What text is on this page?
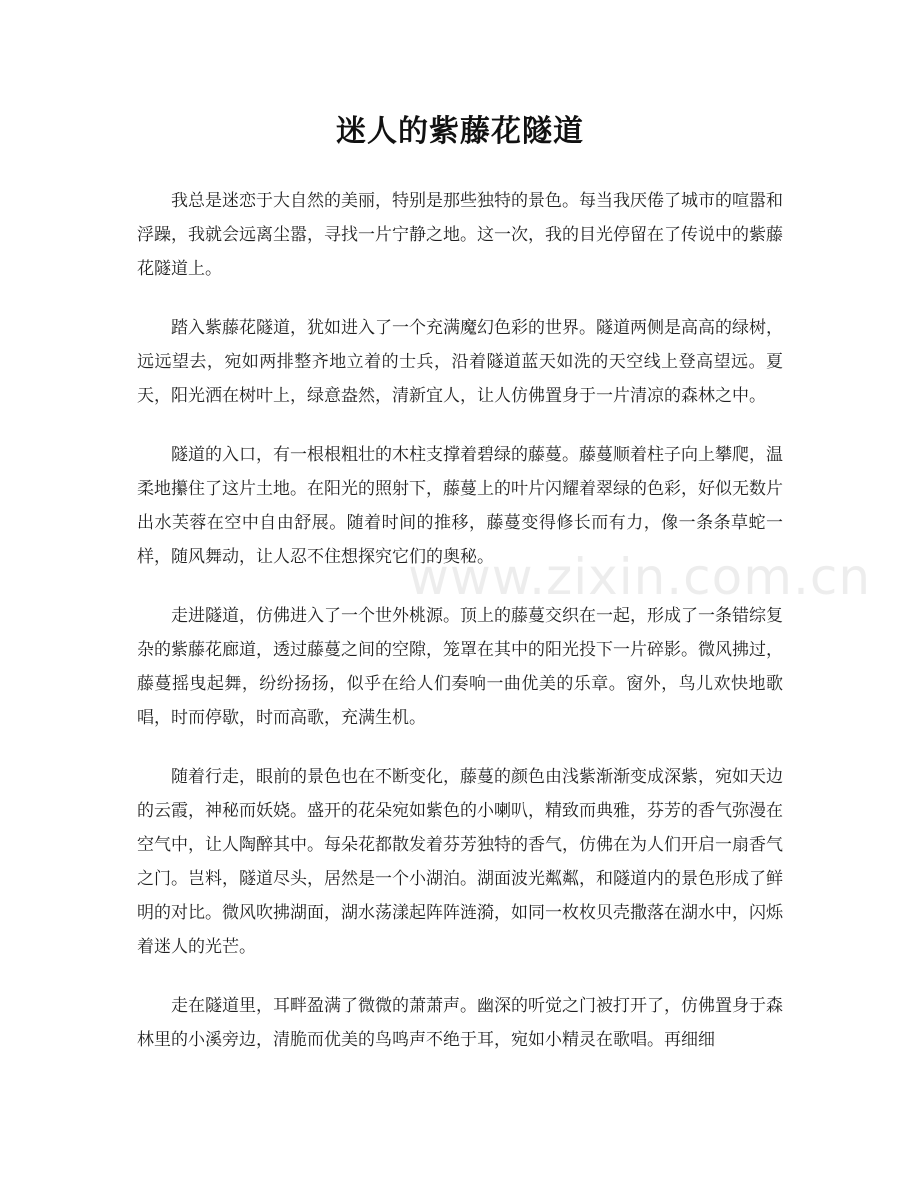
迷人的紫藤花隧道

我总是迷恋于大自然的美丽，特别是那些独特的景色。每当我厌倦了城市的喧嚣和浮躁，我就会远离尘嚣，寻找一片宁静之地。这一次，我的目光停留在了传说中的紫藤花隧道上。

踏入紫藤花隧道，犹如进入了一个充满魔幻色彩的世界。隧道两侧是高高的绿树，远远望去，宛如两排整齐地立着的士兵，沿着隧道蓝天如洗的天空线上登高望远。夏天，阳光洒在树叶上，绿意盎然，清新宜人，让人仿佛置身于一片清凉的森林之中。

隧道的入口，有一根根粗壮的木柱支撑着碧绿的藤蔓。藤蔓顺着柱子向上攀爬，温柔地攥住了这片土地。在阳光的照射下，藤蔓上的叶片闪耀着翠绿的色彩，好似无数片出水芙蓉在空中自由舒展。随着时间的推移，藤蔓变得修长而有力，像一条条草蛇一样，随风舞动，让人忍不住想探究它们的奥秘。

走进隧道，仿佛进入了一个世外桃源。顶上的藤蔓交织在一起，形成了一条错综复杂的紫藤花廊道，透过藤蔓之间的空隙，笼罩在其中的阳光投下一片碎影。微风拂过，藤蔓摇曳起舞，纷纷扬扬，似乎在给人们奏响一曲优美的乐章。窗外，鸟儿欢快地歌唱，时而停歇，时而高歌，充满生机。

随着行走，眼前的景色也在不断变化，藤蔓的颜色由浅紫渐渐变成深紫，宛如天边的云霞，神秘而妖娆。盛开的花朵宛如紫色的小喇叭，精致而典雅，芬芳的香气弥漫在空气中，让人陶醉其中。每朵花都散发着芬芳独特的香气，仿佛在为人们开启一扇香气之门。岂料，隧道尽头，居然是一个小湖泊。湖面波光粼粼，和隧道内的景色形成了鲜明的对比。微风吹拂湖面，湖水荡漾起阵阵涟漪，如同一枚枚贝壳撒落在湖水中，闪烁着迷人的光芒。

走在隧道里，耳畔盈满了微微的萧萧声。幽深的听觉之门被打开了，仿佛置身于森林里的小溪旁边，清脆而优美的鸟鸣声不绝于耳，宛如小精灵在歌唱。再细细

www.zixin.com.cn
